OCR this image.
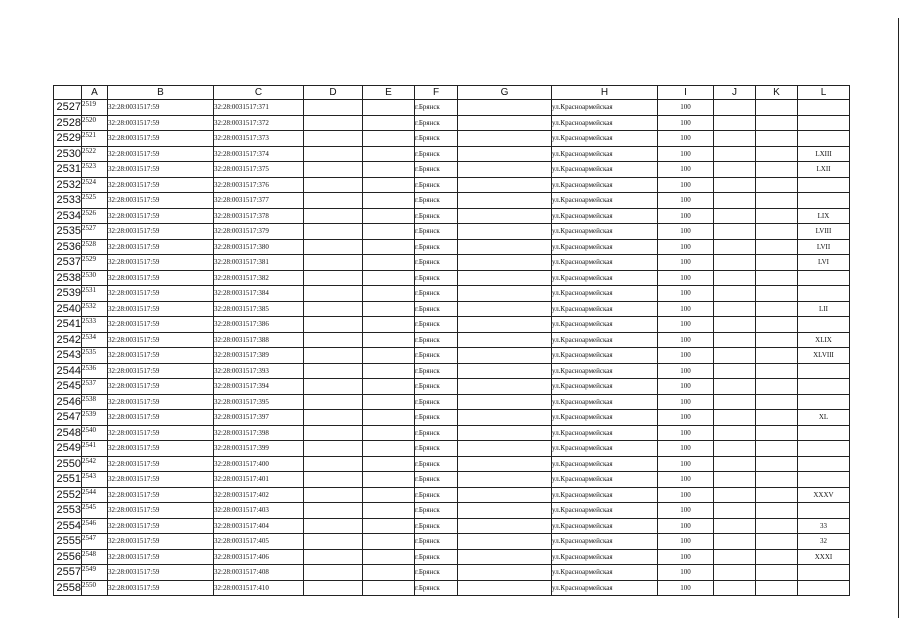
	A	B	C	D	E	F	G	H	I	J	K	L
2527	2519	32:28:0031517:59	32:28:0031517:371			г.Брянск		ул.Красноармейская	100			
2528	2520	32:28:0031517:59	32:28:0031517:372			г.Брянск		ул.Красноармейская	100			
2529	2521	32:28:0031517:59	32:28:0031517:373			г.Брянск		ул.Красноармейская	100			
2530	2522	32:28:0031517:59	32:28:0031517:374			г.Брянск		ул.Красноармейская	100			LXIII
2531	2523	32:28:0031517:59	32:28:0031517:375			г.Брянск		ул.Красноармейская	100			LXII
2532	2524	32:28:0031517:59	32:28:0031517:376			г.Брянск		ул.Красноармейская	100			
2533	2525	32:28:0031517:59	32:28:0031517:377			г.Брянск		ул.Красноармейская	100			
2534	2526	32:28:0031517:59	32:28:0031517:378			г.Брянск		ул.Красноармейская	100			LIX
2535	2527	32:28:0031517:59	32:28:0031517:379			г.Брянск		ул.Красноармейская	100			LVIII
2536	2528	32:28:0031517:59	32:28:0031517:380			г.Брянск		ул.Красноармейская	100			LVII
2537	2529	32:28:0031517:59	32:28:0031517:381			г.Брянск		ул.Красноармейская	100			LVI
2538	2530	32:28:0031517:59	32:28:0031517:382			г.Брянск		ул.Красноармейская	100			
2539	2531	32:28:0031517:59	32:28:0031517:384			г.Брянск		ул.Красноармейская	100			
2540	2532	32:28:0031517:59	32:28:0031517:385			г.Брянск		ул.Красноармейская	100			LII
2541	2533	32:28:0031517:59	32:28:0031517:386			г.Брянск		ул.Красноармейская	100			
2542	2534	32:28:0031517:59	32:28:0031517:388			г.Брянск		ул.Красноармейская	100			XLIX
2543	2535	32:28:0031517:59	32:28:0031517:389			г.Брянск		ул.Красноармейская	100			XLVIII
2544	2536	32:28:0031517:59	32:28:0031517:393			г.Брянск		ул.Красноармейская	100			
2545	2537	32:28:0031517:59	32:28:0031517:394			г.Брянск		ул.Красноармейская	100			
2546	2538	32:28:0031517:59	32:28:0031517:395			г.Брянск		ул.Красноармейская	100			
2547	2539	32:28:0031517:59	32:28:0031517:397			г.Брянск		ул.Красноармейская	100			XL
2548	2540	32:28:0031517:59	32:28:0031517:398			г.Брянск		ул.Красноармейская	100			
2549	2541	32:28:0031517:59	32:28:0031517:399			г.Брянск		ул.Красноармейская	100			
2550	2542	32:28:0031517:59	32:28:0031517:400			г.Брянск		ул.Красноармейская	100			
2551	2543	32:28:0031517:59	32:28:0031517:401			г.Брянск		ул.Красноармейская	100			
2552	2544	32:28:0031517:59	32:28:0031517:402			г.Брянск		ул.Красноармейская	100			XXXV
2553	2545	32:28:0031517:59	32:28:0031517:403			г.Брянск		ул.Красноармейская	100			
2554	2546	32:28:0031517:59	32:28:0031517:404			г.Брянск		ул.Красноармейская	100			33
2555	2547	32:28:0031517:59	32:28:0031517:405			г.Брянск		ул.Красноармейская	100			32
2556	2548	32:28:0031517:59	32:28:0031517:406			г.Брянск		ул.Красноармейская	100			XXXI
2557	2549	32:28:0031517:59	32:28:0031517:408			г.Брянск		ул.Красноармейская	100			
2558	2550	32:28:0031517:59	32:28:0031517:410			г.Брянск		ул.Красноармейская	100			
